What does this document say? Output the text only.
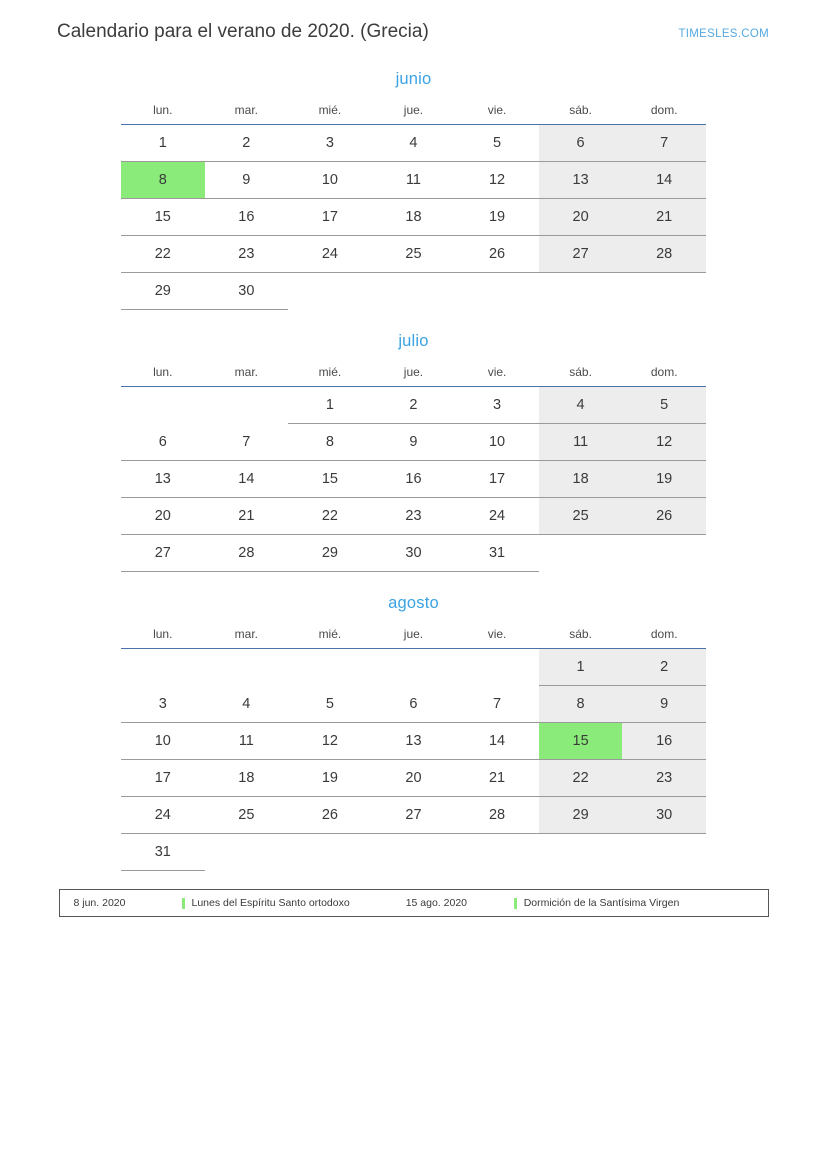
Calendario para el verano de 2020. (Grecia)	TIMESLES.COM
junio
lun.	mar.	mié.	jue.	vie.	sáb.	dom.
1	2	3	4	5	6	7
8	9	10	11	12	13	14
15	16	17	18	19	20	21
22	23	24	25	26	27	28
29	30					
julio
lun.	mar.	mié.	jue.	vie.	sáb.	dom.
		1	2	3	4	5
6	7	8	9	10	11	12
13	14	15	16	17	18	19
20	21	22	23	24	25	26
27	28	29	30	31		
agosto
lun.	mar.	mié.	jue.	vie.	sáb.	dom.
					1	2
3	4	5	6	7	8	9
10	11	12	13	14	15	16
17	18	19	20	21	22	23
24	25	26	27	28	29	30
31						
8 jun. 2020	Lunes del Espíritu Santo ortodoxo	15 ago. 2020	Dormición de la Santísima Virgen
